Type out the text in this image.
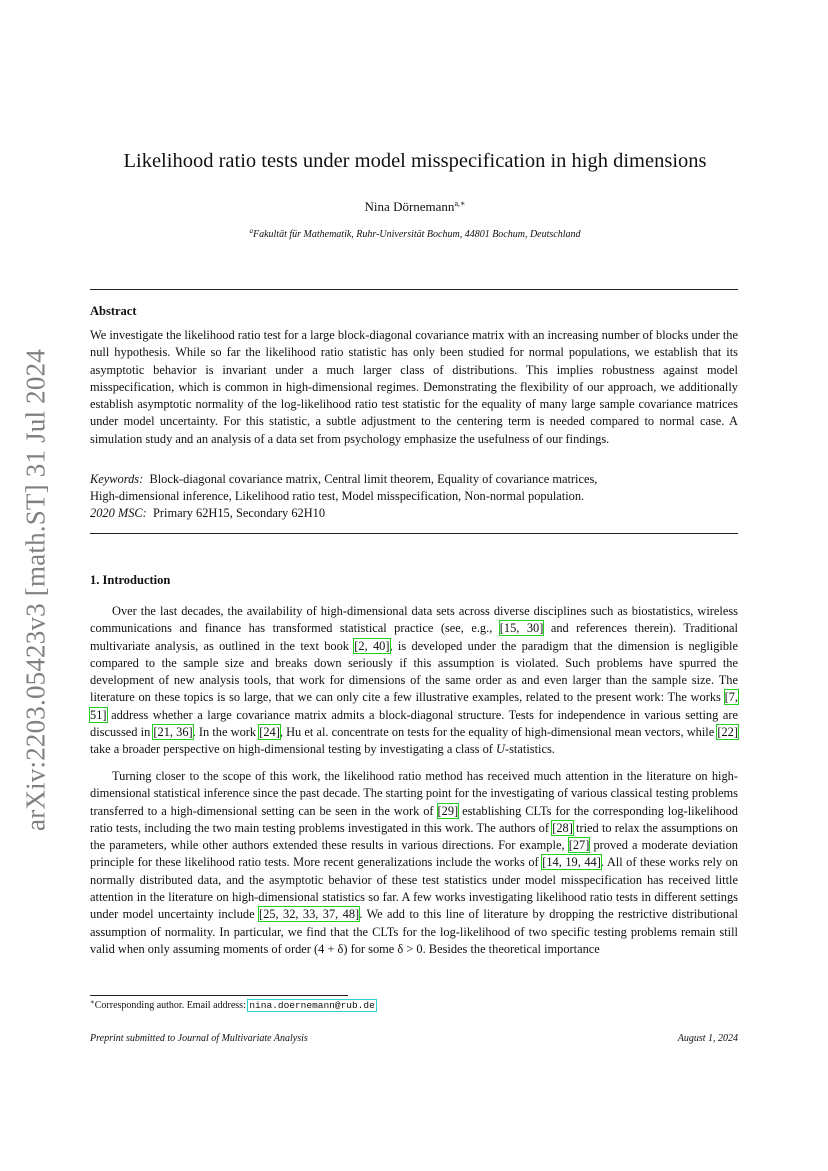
arXiv:2203.05423v3 [math.ST] 31 Jul 2024
Likelihood ratio tests under model misspecification in high dimensions
Nina Dörnemann$^{a,∗}$
$^a$Fakultät für Mathematik, Ruhr-Universität Bochum, 44801 Bochum, Deutschland
Abstract

We investigate the likelihood ratio test for a large block-diagonal covariance matrix with an increasing number of blocks under the null hypothesis. While so far the likelihood ratio statistic has only been studied for normal populations, we establish that its asymptotic behavior is invariant under a much larger class of distributions. This implies robustness against model misspecification, which is common in high-dimensional regimes. Demonstrating the flexibility of our approach, we additionally establish asymptotic normality of the log-likelihood ratio test statistic for the equality of many large sample covariance matrices under model uncertainty. For this statistic, a subtle adjustment to the centering term is needed compared to normal case. A simulation study and an analysis of a data set from psychology emphasize the usefulness of our findings.

Keywords: Block-diagonal covariance matrix, Central limit theorem, Equality of covariance matrices,
High-dimensional inference, Likelihood ratio test, Model misspecification, Non-normal population.
2020 MSC: Primary 62H15, Secondary 62H10
1. Introduction

Over the last decades, the availability of high-dimensional data sets across diverse disciplines such as biostatistics, wireless communications and finance has transformed statistical practice (see, e.g., [15, 30] and references therein). Traditional multivariate analysis, as outlined in the text book [2, 40], is developed under the paradigm that the dimension is negligible compared to the sample size and breaks down seriously if this assumption is violated. Such problems have spurred the development of new analysis tools, that work for dimensions of the same order as and even larger than the sample size. The literature on these topics is so large, that we can only cite a few illustrative examples, related to the present work: The works [7, 51] address whether a large covariance matrix admits a block-diagonal structure. Tests for independence in various setting are discussed in [21, 36]. In the work [24], Hu et al. concentrate on tests for the equality of high-dimensional mean vectors, while [22] take a broader perspective on high-dimensional testing by investigating a class of U-statistics.

Turning closer to the scope of this work, the likelihood ratio method has received much attention in the literature on high-dimensional statistical inference since the past decade. The starting point for the investigating of various classical testing problems transferred to a high-dimensional setting can be seen in the work of [29] establishing CLTs for the corresponding log-likelihood ratio tests, including the two main testing problems investigated in this work. The authors of [28] tried to relax the assumptions on the parameters, while other authors extended these results in various directions. For example, [27] proved a moderate deviation principle for these likelihood ratio tests. More recent generalizations include the works of [14, 19, 44]. All of these works rely on normally distributed data, and the asymptotic behavior of these test statistics under model misspecification has received little attention in the literature on high-dimensional statistics so far. A few works investigating likelihood ratio tests in different settings under model uncertainty include [25, 32, 33, 37, 48]. We add to this line of literature by dropping the restrictive distributional assumption of normality. In particular, we find that the CLTs for the log-likelihood of two specific testing problems remain still valid when only assuming moments of order (4 + δ) for some δ > 0. Besides the theoretical importance

∗Corresponding author. Email address: nina.doernemann@rub.de
Preprint submitted to Journal of Multivariate Analysis	August 1, 2024
